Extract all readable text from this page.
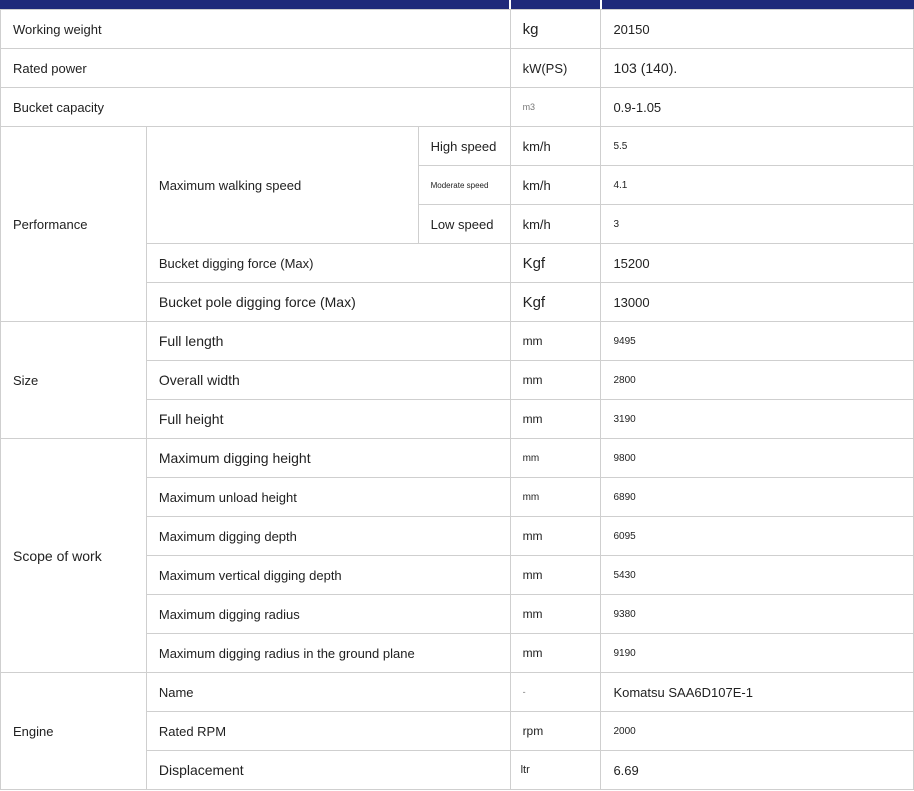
Working weight			kg	20150
Rated power			kW(PS)	103 (140).
Bucket capacity			m3	0.9-1.05
Performance	Maximum walking speed	High speed	km/h	5.5
		Moderate speed	km/h	4.1
		Low speed	km/h	3
	Bucket digging force (Max)		Kgf	15200
	Bucket pole digging force (Max)		Kgf	13000
Size	Full length		mm	9495
	Overall width		mm	2800
	Full height		mm	3190
Scope of work	Maximum digging height		mm	9800
	Maximum unload height		mm	6890
	Maximum digging depth		mm	6095
	Maximum vertical digging depth		mm	5430
	Maximum digging radius		mm	9380
	Maximum digging radius in the ground plane		mm	9190
Engine	Name		-	Komatsu SAA6D107E-1
	Rated RPM		rpm	2000
	Displacement		ltr	6.69
